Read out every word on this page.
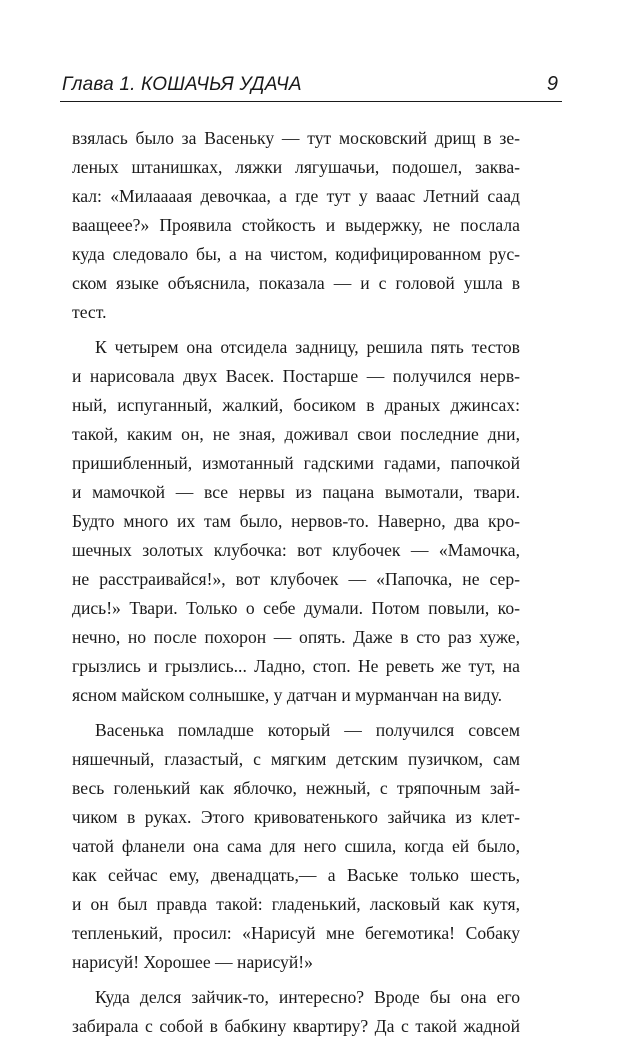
Глава 1. КОШАЧЬЯ УДАЧА	9
взялась было за Васеньку — тут московский дрищ в зе-
леных штанишках, ляжки лягушачьи, подошел, заква-
кал: «Милаааая девочкаа, а где тут у вааас Летний саад
ваащеее?» Проявила стойкость и выдержку, не послала
куда следовало бы, а на чистом, кодифицированном рус-
ском языке объяснила, показала — и с головой ушла в
тест.
К четырем она отсидела задницу, решила пять тестов
и нарисовала двух Васек. Постарше — получился нерв-
ный, испуганный, жалкий, босиком в драных джинсах:
такой, каким он, не зная, доживал свои последние дни,
пришибленный, измотанный гадскими гадами, папочкой
и мамочкой — все нервы из пацана вымотали, твари.
Будто много их там было, нервов-то. Наверно, два кро-
шечных золотых клубочка: вот клубочек — «Мамочка,
не расстраивайся!», вот клубочек — «Папочка, не сер-
дись!» Твари. Только о себе думали. Потом повыли, ко-
нечно, но после похорон — опять. Даже в сто раз хуже,
грызлись и грызлись... Ладно, стоп. Не реветь же тут, на
ясном майском солнышке, у датчан и мурманчан на виду.
Васенька помладше который — получился совсем
няшечный, глазастый, с мягким детским пузичком, сам
весь голенький как яблочко, нежный, с тряпочным зай-
чиком в руках. Этого кривоватенького зайчика из клет-
чатой фланели она сама для него сшила, когда ей было,
как сейчас ему, двенадцать,— а Ваське только шесть,
и он был правда такой: гладенький, ласковый как кутя,
тепленький, просил: «Нарисуй мне бегемотика! Собаку
нарисуй! Хорошее — нарисуй!»
Куда делся зайчик-то, интересно? Вроде бы она его
забирала с собой в бабкину квартиру? Да с такой жадной
